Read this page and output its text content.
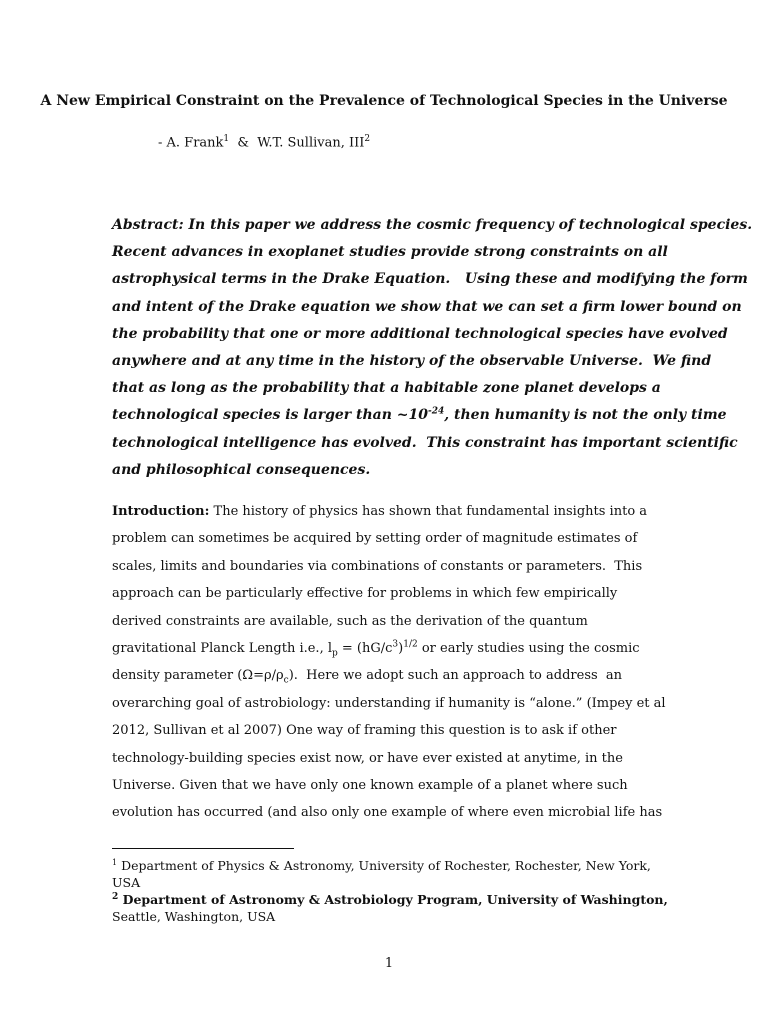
A New Empirical Constraint on the Prevalence of Technological Species in the Universe
- A. Frank$^1$  &  W.T. Sullivan, III$^2$
Abstract: In this paper we address the cosmic frequency of technological species.
Recent advances in exoplanet studies provide strong constraints on all
astrophysical terms in the Drake Equation.   Using these and modifying the form
and intent of the Drake equation we show that we can set a firm lower bound on
the probability that one or more additional technological species have evolved
anywhere and at any time in the history of the observable Universe.  We find
that as long as the probability that a habitable zone planet develops a
technological species is larger than $\sim 10^{-24}$, then humanity is not the only time
technological intelligence has evolved.  This constraint has important scientific
and philosophical consequences.
Introduction: The history of physics has shown that fundamental insights into a
problem can sometimes be acquired by setting order of magnitude estimates of
scales, limits and boundaries via combinations of constants or parameters.  This
approach can be particularly effective for problems in which few empirically
derived constraints are available, such as the derivation of the quantum
gravitational Planck Length i.e., $l_p = (hG/c^3)^{1/2}$ or early studies using the cosmic
density parameter $(\Omega=\rho/\rho_c)$.  Here we adopt such an approach to address  an
overarching goal of astrobiology: understanding if humanity is “alone.” (Impey et al
2012, Sullivan et al 2007) One way of framing this question is to ask if other
technology-building species exist now, or have ever existed at anytime, in the
Universe. Given that we have only one known example of a planet where such
evolution has occurred (and also only one example of where even microbial life has
$^1$ Department of Physics & Astronomy, University of Rochester, Rochester, New York,
USA
$^2$ Department of Astronomy & Astrobiology Program, University of Washington,
Seattle, Washington, USA
1
